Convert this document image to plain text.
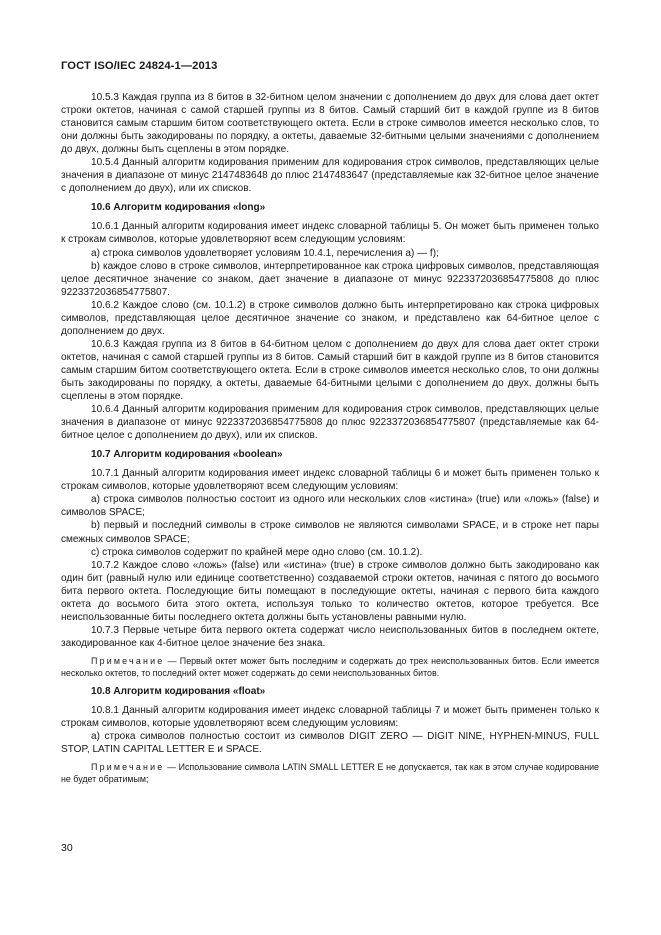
ГОСТ ISO/IEC 24824-1—2013

10.5.3 Каждая группа из 8 битов в 32-битном целом значении с дополнением до двух для слова дает октет строки октетов, начиная с самой старшей группы из 8 битов. Самый старший бит в каждой группе из 8 битов становится самым старшим битом соответствующего октета. Если в строке символов имеется несколько слов, то они должны быть закодированы по порядку, а октеты, даваемые 32-битными целыми значениями с дополнением до двух, должны быть сцеплены в этом порядке.

10.5.4 Данный алгоритм кодирования применим для кодирования строк символов, представляющих целые значения в диапазоне от минус 2147483648 до плюс 2147483647 (представляемые как 32-битное целое значение с дополнением до двух), или их списков.

10.6 Алгоритм кодирования «long»

10.6.1 Данный алгоритм кодирования имеет индекс словарной таблицы 5. Он может быть применен только к строкам символов, которые удовлетворяют всем следующим условиям:

а) строка символов удовлетворяет условиям 10.4.1, перечисления а) — f);

b) каждое слово в строке символов, интерпретированное как строка цифровых символов, представляющая целое десятичное значение со знаком, дает значение в диапазоне от минус 9223372036854775808 до плюс 9223372036854775807.

10.6.2 Каждое слово (см. 10.1.2) в строке символов должно быть интерпретировано как строка цифровых символов, представляющая целое десятичное значение со знаком, и представлено как 64-битное целое с дополнением до двух.

10.6.3 Каждая группа из 8 битов в 64-битном целом с дополнением до двух для слова дает октет строки октетов, начиная с самой старшей группы из 8 битов. Самый старший бит в каждой группе из 8 битов становится самым старшим битом соответствующего октета. Если в строке символов имеется несколько слов, то они должны быть закодированы по порядку, а октеты, даваемые 64-битными целыми с дополнением до двух, должны быть сцеплены в этом порядке.

10.6.4 Данный алгоритм кодирования применим для кодирования строк символов, представляющих целые значения в диапазоне от минус 9223372036854775808 до плюс 9223372036854775807 (представляемые как 64-битное целое с дополнением до двух), или их списков.

10.7 Алгоритм кодирования «boolean»

10.7.1 Данный алгоритм кодирования имеет индекс словарной таблицы 6 и может быть применен только к строкам символов, которые удовлетворяют всем следующим условиям:

а) строка символов полностью состоит из одного или нескольких слов «истина» (true) или «ложь» (false) и символов SPACE;

b) первый и последний символы в строке символов не являются символами SPACE, и в строке нет пары смежных символов SPACE;

с) строка символов содержит по крайней мере одно слово (см. 10.1.2).

10.7.2 Каждое слово «ложь» (false) или «истина» (true) в строке символов должно быть закодировано как один бит (равный нулю или единице соответственно) создаваемой строки октетов, начиная с пятого до восьмого бита первого октета. Последующие биты помещают в последующие октеты, начиная с первого бита каждого октета до восьмого бита этого октета, используя только то количество октетов, которое требуется. Все неиспользованные биты последнего октета должны быть установлены равными нулю.

10.7.3 Первые четыре бита первого октета содержат число неиспользованных битов в последнем октете, закодированное как 4-битное целое значение без знака.

Примечание — Первый октет может быть последним и содержать до трех неиспользованных битов. Если имеется несколько октетов, то последний октет может содержать до семи неиспользованных битов.

10.8 Алгоритм кодирования «float»

10.8.1 Данный алгоритм кодирования имеет индекс словарной таблицы 7 и может быть применен только к строкам символов, которые удовлетворяют всем следующим условиям:

а) строка символов полностью состоит из символов DIGIT ZERO — DIGIT NINE, HYPHEN-MINUS, FULL STOP, LATIN CAPITAL LETTER E и SPACE.

Примечание — Использование символа LATIN SMALL LETTER E не допускается, так как в этом случае кодирование не будет обратимым;

30
